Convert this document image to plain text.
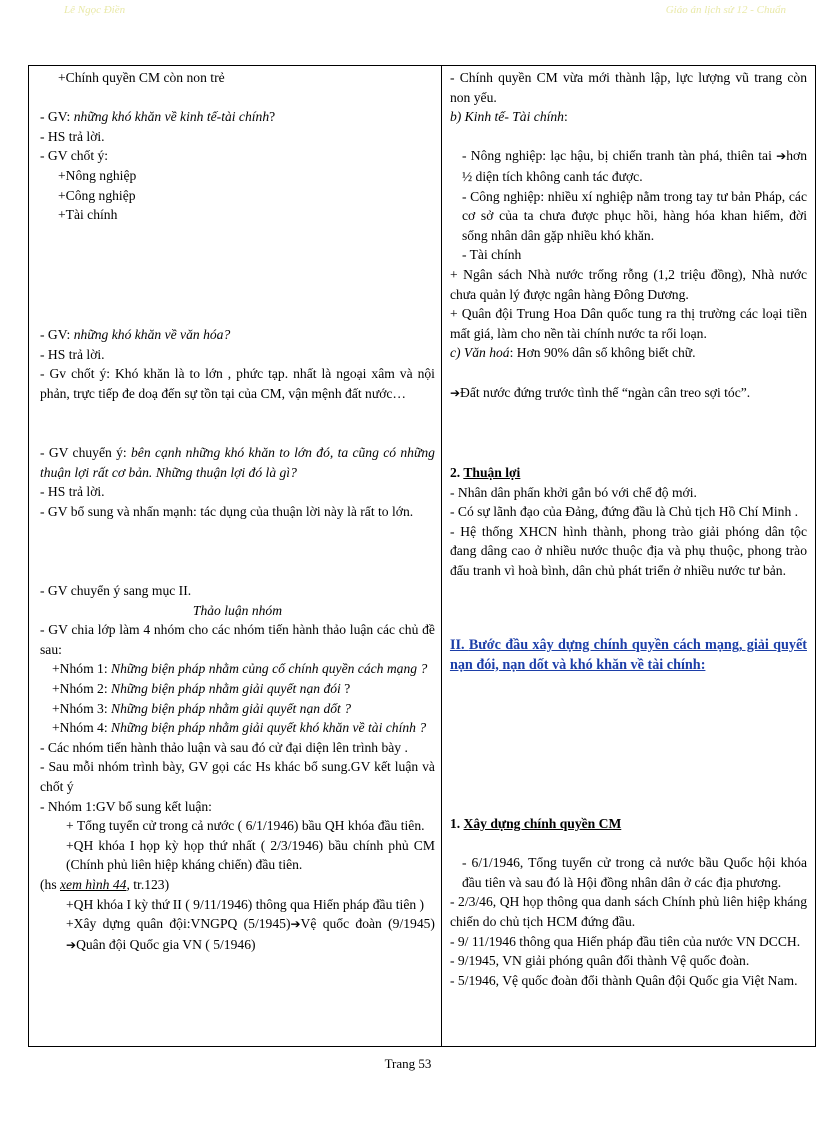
Lê Ngọc Điền	Giáo án lịch sử 12 - Chuẩn

+Chính quyền CM còn non trẻ

- GV: những khó khăn về kinh tế-tài chính?

- HS trả lời.

- GV chốt ý:

+Nông nghiệp

+Công nghiệp

+Tài chính

- GV: những khó khăn về văn hóa?

- HS trả lời.

- Gv chốt ý: Khó khăn là to lớn , phức tạp. nhất là ngoại xâm và nội phản, trực tiếp đe doạ đến sự tồn tại của CM, vận mệnh đất nước…

- GV chuyển ý: bên cạnh những khó khăn to lớn đó, ta cũng có những thuận lợi rất cơ bản. Những thuận lợi đó là gì?

- HS trả lời.

- GV bổ sung và nhấn mạnh: tác dụng của thuận lời này là rất to lớn.

- GV chuyển ý sang mục II.

Thảo luận nhóm

- GV chia lớp làm 4 nhóm cho các nhóm tiến hành thảo luận các chủ đề sau:

+Nhóm 1: Những biện pháp nhằm củng cố chính quyền cách mạng ?

+Nhóm 2: Những biện pháp nhằm giải quyết nạn đói ?

+Nhóm 3: Những biện pháp nhằm giải quyết nạn dốt ?

+Nhóm 4: Những biện pháp nhằm giải quyết khó khăn về tài chính ?

- Các nhóm tiến hành thảo luận và sau đó cử đại diện lên trình bày .

- Sau mỗi nhóm trình bày, GV gọi các Hs khác bổ sung.GV kết luận và chốt ý

- Nhóm 1:GV bổ sung kết luận:

+ Tổng tuyển cử trong cả nước ( 6/1/1946) bầu QH khóa đầu tiên.

+QH khóa I họp kỳ họp thứ nhất ( 2/3/1946) bầu chính phủ CM (Chính phủ liên hiệp kháng chiến) đầu tiên.

(hs xem hình 44, tr.123)

+QH khóa I kỳ thứ II ( 9/11/1946) thông qua Hiến pháp đầu tiên )

+Xây dựng quân đội:VNGPQ (5/1945)➔Vệ quốc đoàn (9/1945) ➔Quân đội Quốc gia VN ( 5/1946)

- Chính quyền CM vừa mới thành lập, lực lượng vũ trang còn non yếu.

b) Kinh tế- Tài chính:

- Nông nghiệp: lạc hậu, bị chiến tranh tàn phá, thiên tai ➔hơn ½ diện tích không canh tác được.

- Công nghiệp: nhiều xí nghiệp nằm trong tay tư bản Pháp, các cơ sở của ta chưa được phục hồi, hàng hóa khan hiếm, đời sống nhân dân gặp nhiều khó khăn.

- Tài chính

+ Ngân sách Nhà nước trống rỗng (1,2 triệu đồng), Nhà nước chưa quản lý được ngân hàng Đông Dương.

+ Quân đội Trung Hoa Dân quốc tung ra thị trường các loại tiền mất giá, làm cho nền tài chính nước ta rối loạn.

c) Văn hoá: Hơn 90% dân số không biết chữ.

➔Đất nước đứng trước tình thế “ngàn cân treo sợi tóc”.

2. Thuận lợi

- Nhân dân phấn khởi gắn bó với chế độ mới.

- Có sự lãnh đạo của Đảng, đứng đầu là Chủ tịch Hồ Chí Minh .

- Hệ thống XHCN hình thành, phong trào giải phóng dân tộc đang dâng cao ở nhiều nước thuộc địa và phụ thuộc, phong trào đấu tranh vì hoà bình, dân chủ phát triển ở nhiều nước tư bản.

II. Bước đầu xây dựng chính quyền cách mạng, giải quyết nạn đói, nạn dốt và khó khăn về tài chính:

1. Xây dựng chính quyền CM

- 6/1/1946, Tổng tuyển cử trong cả nước bầu Quốc hội khóa đầu tiên và sau đó là Hội đồng nhân dân ở các địa phương.

- 2/3/46, QH họp thông qua danh sách Chính phủ liên hiệp kháng chiến do chủ tịch HCM đứng đầu.

- 9/ 11/1946 thông qua Hiến pháp đầu tiên của nước VN DCCH.

- 9/1945, VN giải phóng quân đổi thành Vệ quốc đoàn.

- 5/1946, Vệ quốc đoàn đổi thành Quân đội Quốc gia Việt Nam.

Trang 53
